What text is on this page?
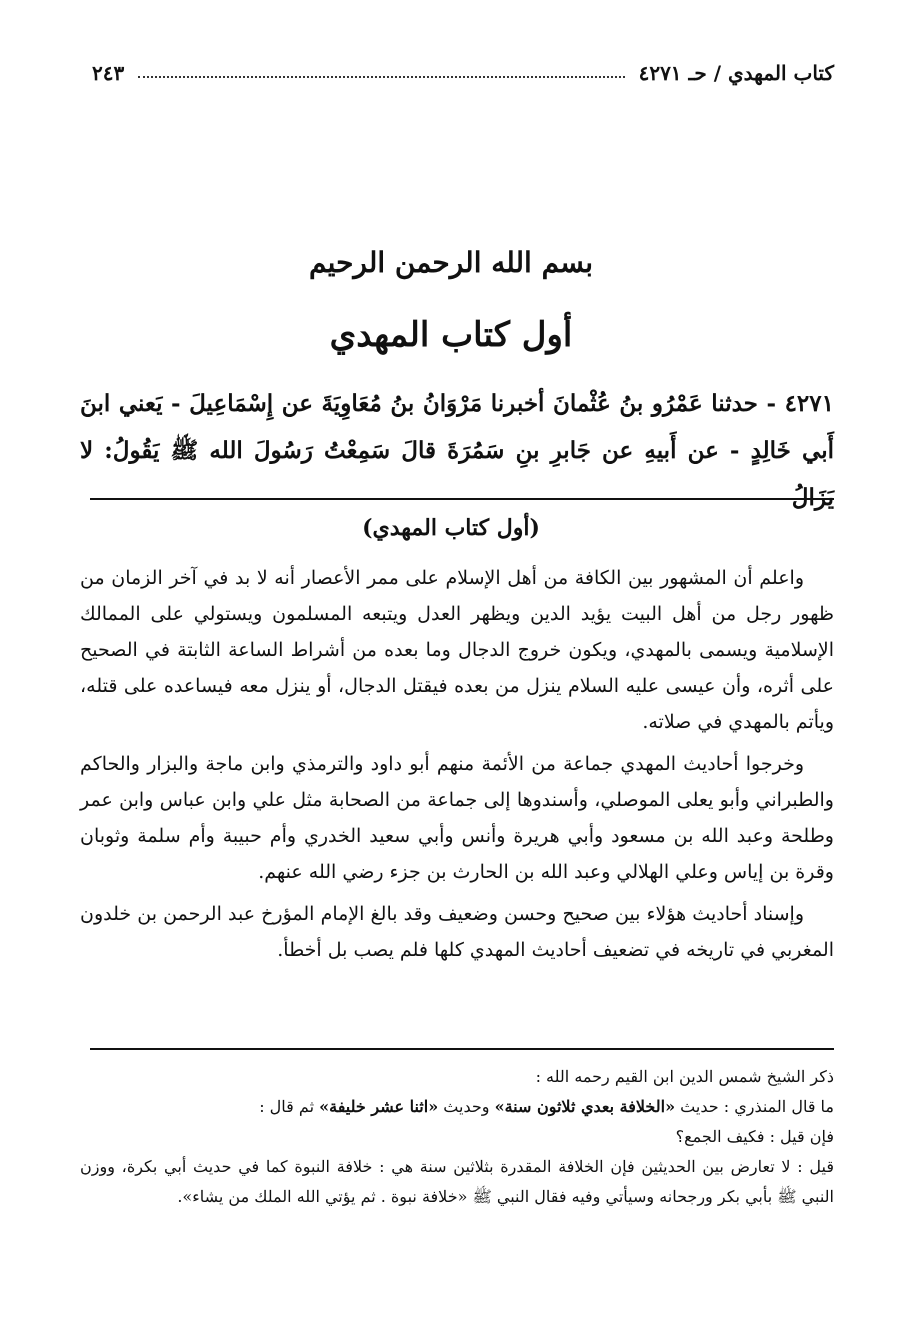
كتاب المهدي / حـ ٤٢٧١
٢٤٣
بسم الله الرحمن الرحيم
أول كتاب المهدي
٤٢٧١ - حدثنا عَمْرُو بنُ عُثْمانَ أخبرنا مَرْوَانُ بنُ مُعَاوِيَةَ عن إِسْمَاعِيلَ - يَعني ابنَ أَبي خَالِدٍ - عن أَبيهِ عن جَابرِ بنِ سَمُرَةَ قالَ سَمِعْتُ رَسُولَ الله ﷺ يَقُولُ: لا يَزَالُ
(أول كتاب المهدي)

واعلم أن المشهور بين الكافة من أهل الإسلام على ممر الأعصار أنه لا بد في آخر الزمان من ظهور رجل من أهل البيت يؤيد الدين ويظهر العدل ويتبعه المسلمون ويستولي على الممالك الإسلامية ويسمى بالمهدي، ويكون خروج الدجال وما بعده من أشراط الساعة الثابتة في الصحيح على أثره، وأن عيسى عليه السلام ينزل من بعده فيقتل الدجال، أو ينزل معه فيساعده على قتله، ويأتم بالمهدي في صلاته.

وخرجوا أحاديث المهدي جماعة من الأئمة منهم أبو داود والترمذي وابن ماجة والبزار والحاكم والطبراني وأبو يعلى الموصلي، وأسندوها إلى جماعة من الصحابة مثل علي وابن عباس وابن عمر وطلحة وعبد الله بن مسعود وأبي هريرة وأنس وأبي سعيد الخدري وأم حبيبة وأم سلمة وثوبان وقرة بن إياس وعلي الهلالي وعبد الله بن الحارث بن جزء رضي الله عنهم.

وإسناد أحاديث هؤلاء بين صحيح وحسن وضعيف وقد بالغ الإمام المؤرخ عبد الرحمن بن خلدون المغربي في تاريخه في تضعيف أحاديث المهدي كلها فلم يصب بل أخطأ.

ذكر الشيخ شمس الدين ابن القيم رحمه الله :

ما قال المنذري : حديث «الخلافة بعدي ثلاثون سنة» وحديث «اثنا عشر خليفة» ثم قال :

فإن قيل : فكيف الجمع؟

قيل : لا تعارض بين الحديثين فإن الخلافة المقدرة بثلاثين سنة هي : خلافة النبوة كما في حديث أبي بكرة، ووزن النبي ﷺ بأبي بكر ورجحانه وسيأتي وفيه فقال النبي ﷺ «خلافة نبوة . ثم يؤتي الله الملك من يشاء».
